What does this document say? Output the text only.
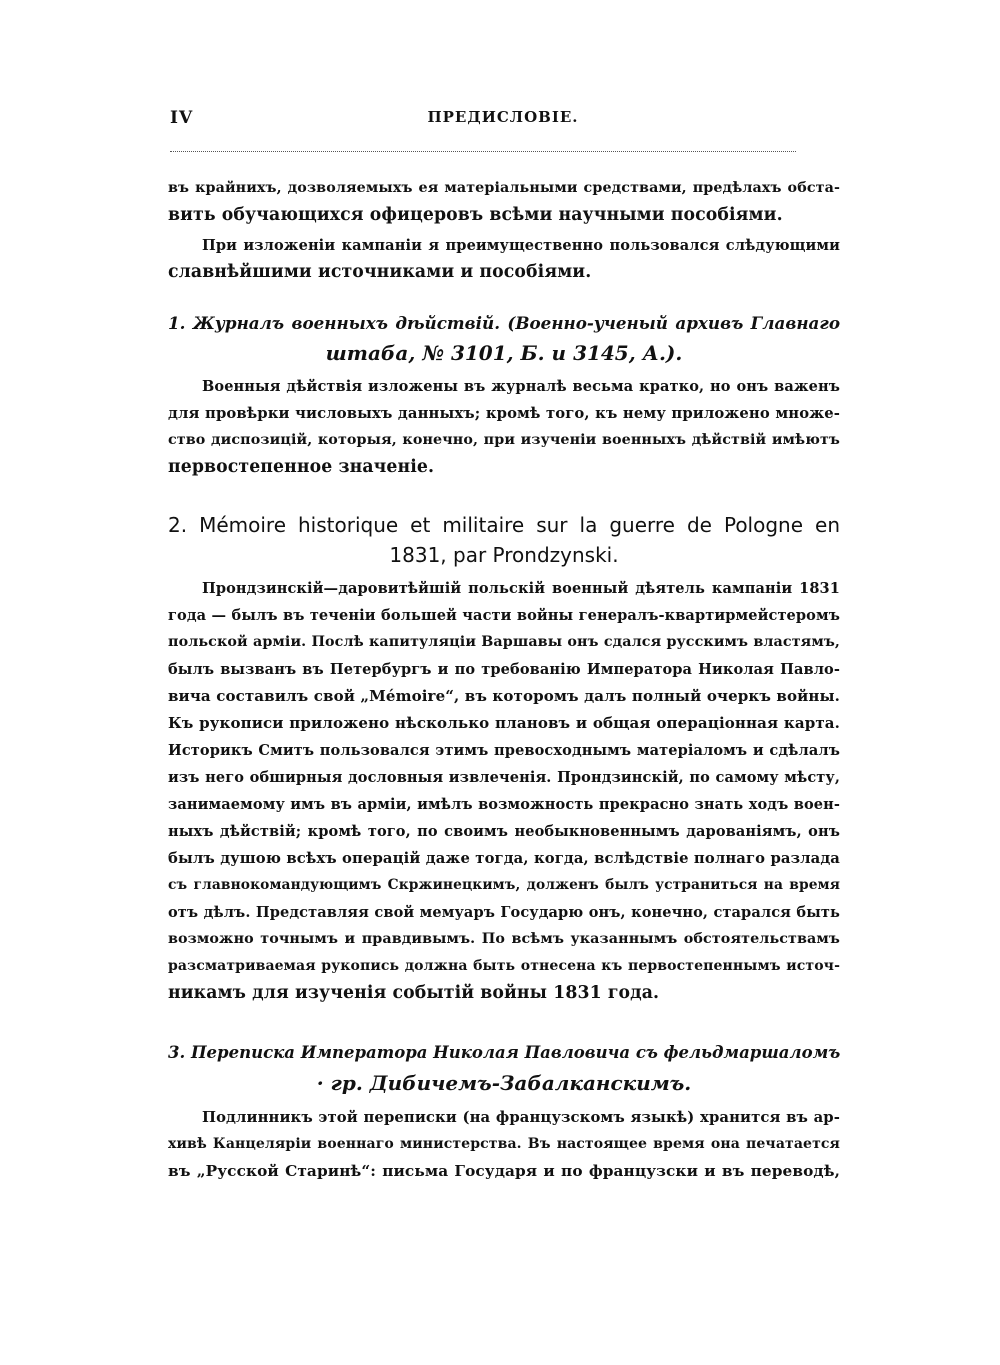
IV	ПРЕДИСЛОВІЕ.
въ крайнихъ, дозволяемыхъ ея матеріальными средствами, предѣлахъ обста-
вить обучающихся офицеровъ всѣми научными пособіями.
При изложеніи кампаніи я преимущественно пользовался слѣдующими
славнѣйшими источниками и пособіями.
1. Журналъ военныхъ дѣйствій. (Военно-ученый архивъ Главнаго
штаба, № 3101, Б. и 3145, А.).
Военныя дѣйствія изложены въ журналѣ весьма кратко, но онъ важенъ
для провѣрки числовыхъ данныхъ; кромѣ того, къ нему приложено множе-
ство диспозицій, которыя, конечно, при изученіи военныхъ дѣйствій имѣютъ
первостепенное значеніе.
2. Mémoire historique et militaire sur la guerre de Pologne en
1831, par Prondzynski.
Прондзинскій—даровитѣйшій польскій военный дѣятель кампаніи 1831
года — былъ въ теченіи большей части войны генералъ-квартирмейстеромъ
польской арміи. Послѣ капитуляціи Варшавы онъ сдался русскимъ властямъ,
былъ вызванъ въ Петербургъ и по требованію Императора Николая Павло-
вича составилъ свой „Mémoire“, въ которомъ далъ полный очеркъ войны.
Къ рукописи приложено нѣсколько плановъ и общая операціонная карта.
Историкъ Смитъ пользовался этимъ превосходнымъ матеріаломъ и сдѣлалъ
изъ него обширныя дословныя извлеченія. Прондзинскій, по самому мѣсту,
занимаемому имъ въ арміи, имѣлъ возможность прекрасно знать ходъ воен-
ныхъ дѣйствій; кромѣ того, по своимъ необыкновеннымъ дарованіямъ, онъ
былъ душою всѣхъ операцій даже тогда, когда, вслѣдствіе полнаго разлада
съ главнокомандующимъ Скржинецкимъ, долженъ былъ устраниться на время
отъ дѣлъ. Представляя свой мемуаръ Государю онъ, конечно, старался быть
возможно точнымъ и правдивымъ. По всѣмъ указаннымъ обстоятельствамъ
разсматриваемая рукопись должна быть отнесена къ первостепеннымъ источ-
никамъ для изученія событій войны 1831 года.
3. Переписка Императора Николая Павловича съ фельдмаршаломъ
· гр. Дибичемъ-Забалканскимъ.
Подлинникъ этой переписки (на французскомъ языкѣ) хранится въ ар-
хивѣ Канцеляріи военнаго министерства. Въ настоящее время она печатается
въ „Русской Старинѣ“: письма Государя и по французски и въ переводѣ,
